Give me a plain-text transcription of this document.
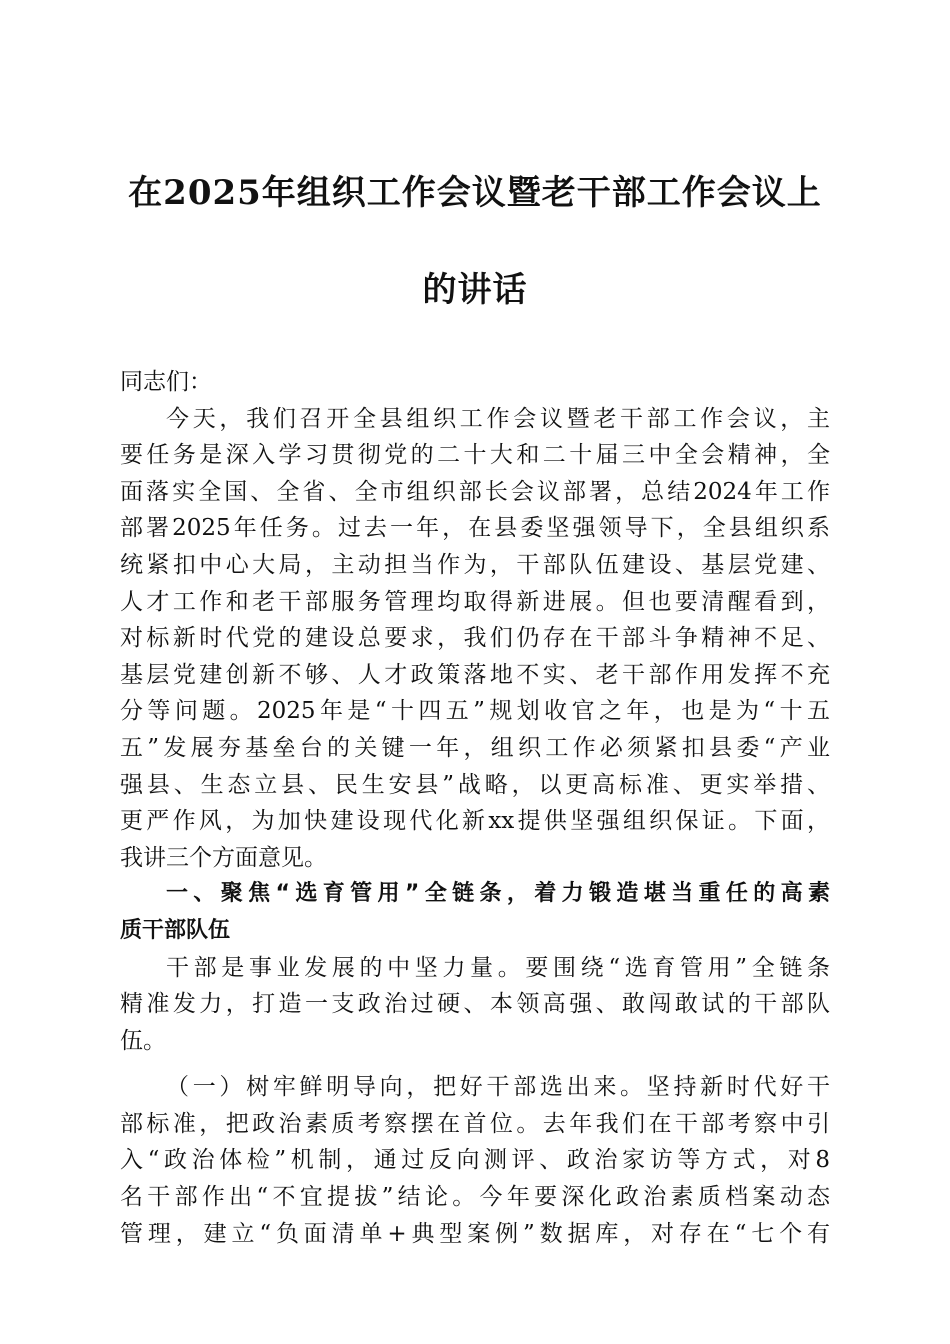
在2025年组织工作会议暨老干部工作会议上
的讲话
同志们：
今天，我们召开全县组织工作会议暨老干部工作会议，主
要任务是深入学习贯彻党的二十大和二十届三中全会精神，全
面落实全国、全省、全市组织部长会议部署，总结2024年工作
部署2025年任务。过去一年，在县委坚强领导下，全县组织系
统紧扣中心大局，主动担当作为，干部队伍建设、基层党建、
人才工作和老干部服务管理均取得新进展。但也要清醒看到，
对标新时代党的建设总要求，我们仍存在干部斗争精神不足、
基层党建创新不够、人才政策落地不实、老干部作用发挥不充
分等问题。2025年是“十四五”规划收官之年，也是为“十五
五”发展夯基垒台的关键一年，组织工作必须紧扣县委“产业
强县、生态立县、民生安县”战略，以更高标准、更实举措、
更严作风，为加快建设现代化新xx提供坚强组织保证。下面，
我讲三个方面意见。
一、聚焦“选育管用”全链条，着力锻造堪当重任的高素
质干部队伍
干部是事业发展的中坚力量。要围绕“选育管用”全链条
精准发力，打造一支政治过硬、本领高强、敢闯敢试的干部队
伍。
（一）树牢鲜明导向，把好干部选出来。坚持新时代好干
部标准，把政治素质考察摆在首位。去年我们在干部考察中引
入“政治体检”机制，通过反向测评、政治家访等方式，对8
名干部作出“不宜提拔”结论。今年要深化政治素质档案动态
管理，建立“负面清单+典型案例”数据库，对存在“七个有
